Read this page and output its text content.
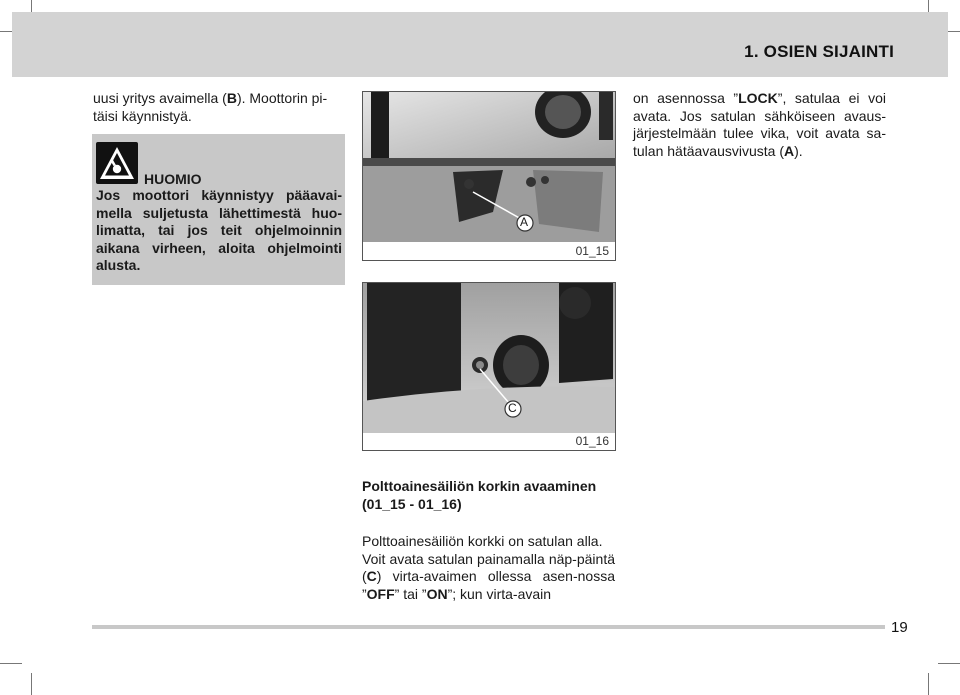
1. OSIEN SIJAINTI
uusi yritys avaimella (B). Moottorin pi-
täisi käynnistyä.
HUOMIO
Jos moottori käynnistyy pääavai-mella suljetusta lähettimestä huo-limatta, tai jos teit ohjelmoinnin aikana virheen, aloita ohjelmointi alusta.
A
01_15
C
01_16
Polttoainesäiliön korkin avaaminen
(01_15 - 01_16)
Polttoainesäiliön korkki on satulan alla.
Voit avata satulan painamalla näp-päintä (C) virta-avaimen ollessa asen-nossa ”OFF” tai ”ON”; kun virta-avain
on asennossa ”LOCK”, satulaa ei voi avata. Jos satulan sähköiseen avaus-järjestelmään tulee vika, voit avata sa-tulan hätäavausvivusta (A).
19
